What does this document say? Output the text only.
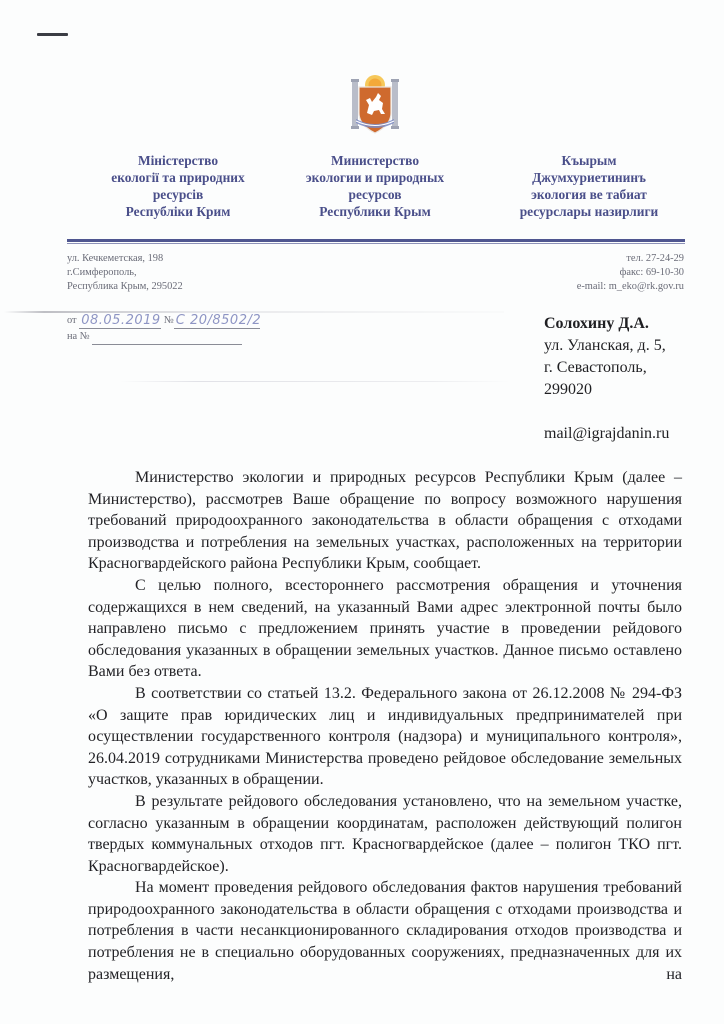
Міністерство
екології та природних
ресурсів
Республіки Крим
Министерство
экологии и природных
ресурсов
Республики Крым
Къырым
Джумхуриетининъ
экология ве табиат
ресурслары назирлиги
ул. Кечкеметская, 198
г.Симферополь,
Республика Крым, 295022
тел. 27-24-29
факс: 69-10-30
e-mail: m_eko@rk.gov.ru
от
08.05.2019
№ С 20/8502/2
на №

Солохину Д.А.
ул. Уланская, д. 5,
г. Севастополь,
299020
mail@igrajdanin.ru

Министерство экологии и природных ресурсов Республики Крым (далее – Министерство), рассмотрев Ваше обращение по вопросу возможного нарушения требований природоохранного законодательства в области обращения с отходами производства и потребления на земельных участках, расположенных на территории Красногвардейского района Республики Крым, сообщает.

С целью полного, всестороннего рассмотрения обращения и уточнения содержащихся в нем сведений, на указанный Вами адрес электронной почты было направлено письмо с предложением принять участие в проведении рейдового обследования указанных в обращении земельных участков. Данное письмо оставлено Вами без ответа.

В соответствии со статьей 13.2. Федерального закона от 26.12.2008 № 294-ФЗ «О защите прав юридических лиц и индивидуальных предпринимателей при осуществлении государственного контроля (надзора) и муниципального контроля», 26.04.2019 сотрудниками Министерства проведено рейдовое обследование земельных участков, указанных в обращении.

В результате рейдового обследования установлено, что на земельном участке, согласно указанным в обращении координатам, расположен действующий полигон твердых коммунальных отходов пгт. Красногвардейское (далее – полигон ТКО пгт. Красногвардейское).

На момент проведения рейдового обследования фактов нарушения требований природоохранного законодательства в области обращения с отходами производства и потребления в части несанкционированного складирования отходов производства и потребления не в специально оборудованных сооружениях, предназначенных для их размещения, на
